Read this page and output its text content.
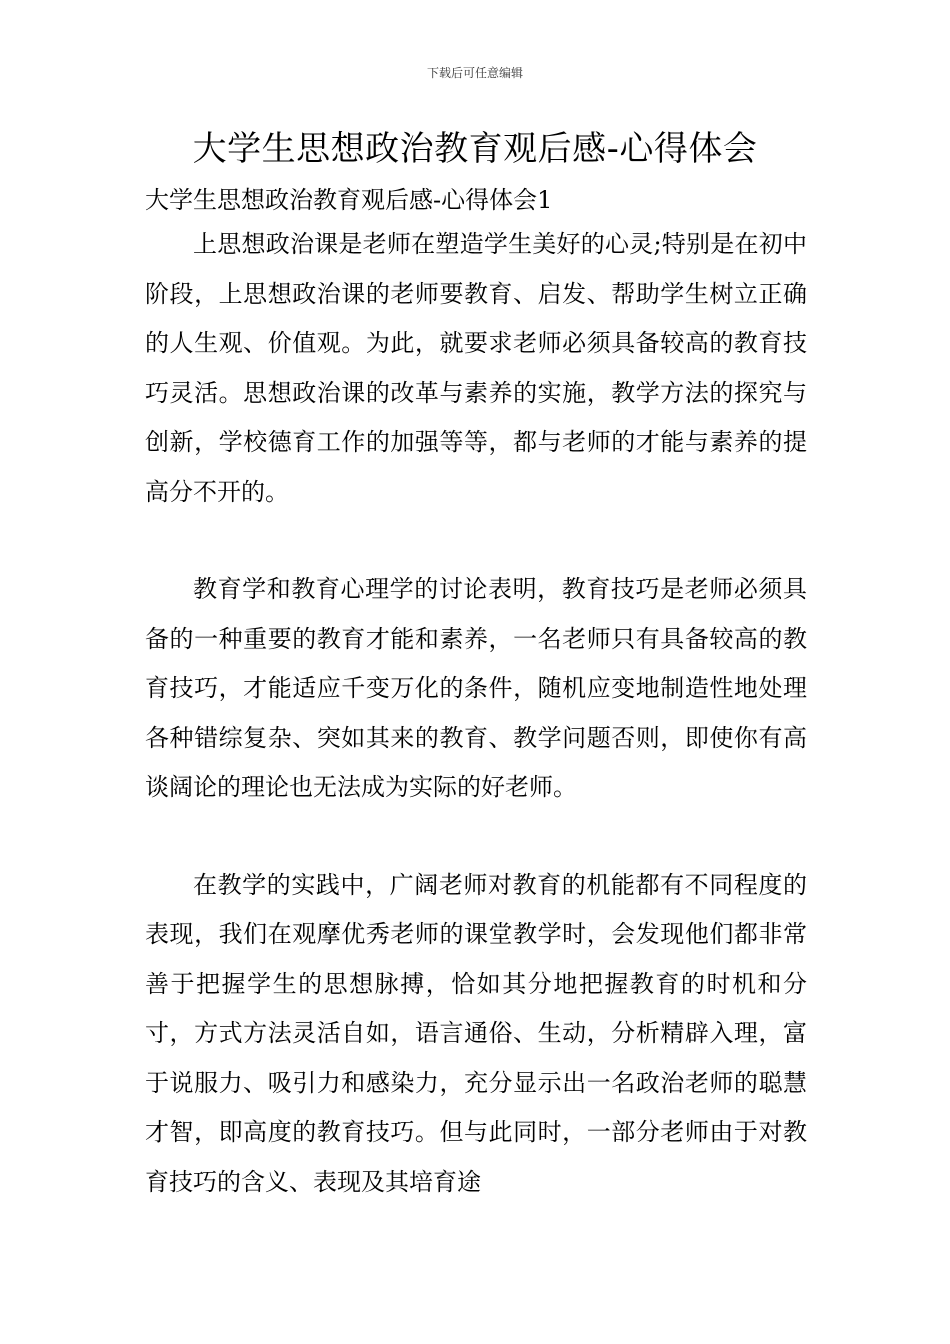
下载后可任意编辑
大学生思想政治教育观后感-心得体会
大学生思想政治教育观后感-心得体会1

上思想政治课是老师在塑造学生美好的心灵;特别是在初中阶段，上思想政治课的老师要教育、启发、帮助学生树立正确的人生观、价值观。为此，就要求老师必须具备较高的教育技巧灵活。思想政治课的改革与素养的实施，教学方法的探究与创新，学校德育工作的加强等等，都与老师的才能与素养的提高分不开的。

教育学和教育心理学的讨论表明，教育技巧是老师必须具备的一种重要的教育才能和素养，一名老师只有具备较高的教育技巧，才能适应千变万化的条件，随机应变地制造性地处理各种错综复杂、突如其来的教育、教学问题否则，即使你有高谈阔论的理论也无法成为实际的好老师。

在教学的实践中，广阔老师对教育的机能都有不同程度的表现，我们在观摩优秀老师的课堂教学时，会发现他们都非常善于把握学生的思想脉搏，恰如其分地把握教育的时机和分寸，方式方法灵活自如，语言通俗、生动，分析精辟入理，富于说服力、吸引力和感染力，充分显示出一名政治老师的聪慧才智，即高度的教育技巧。但与此同时，一部分老师由于对教育技巧的含义、表现及其培育途
